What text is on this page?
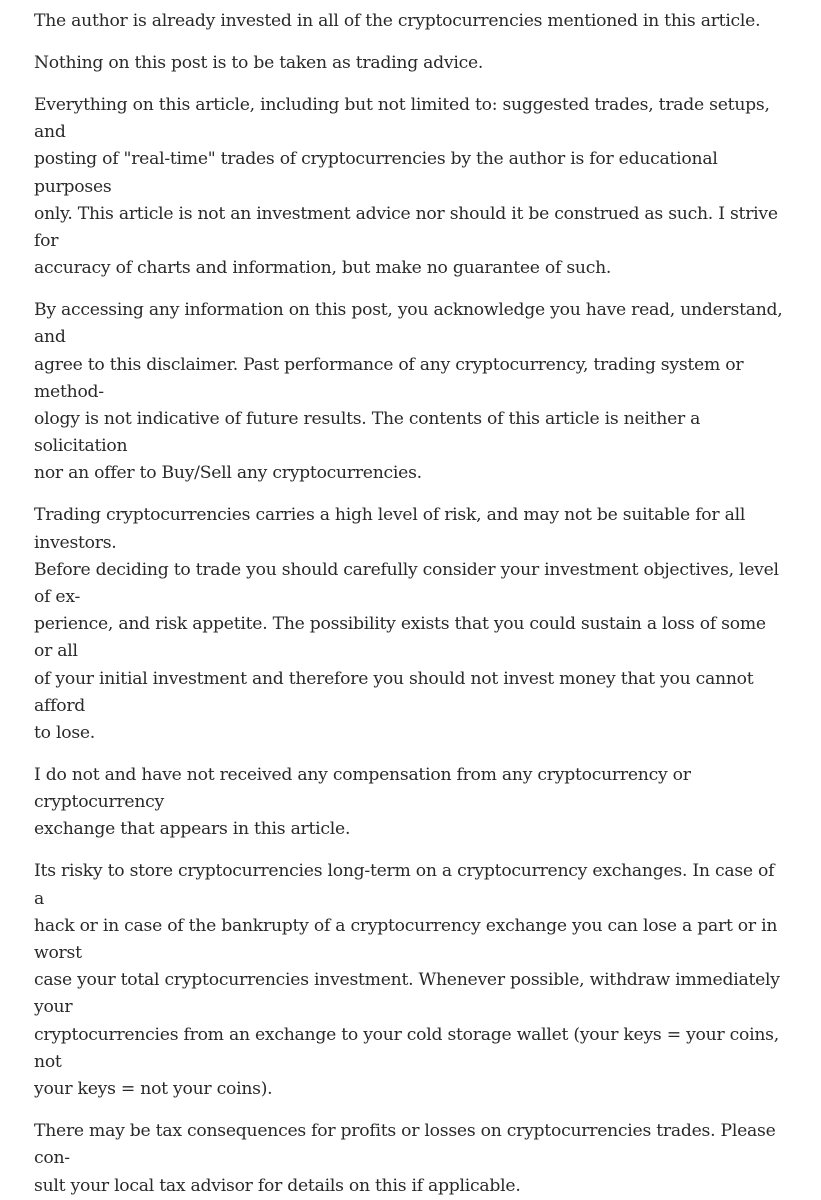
The author is already invested in all of the cryptocurrencies mentioned in this article.

Nothing on this post is to be taken as trading advice.

Everything on this article, including but not limited to: suggested trades, trade setups, and
posting of "real-time" trades of cryptocurrencies by the author is for educational purposes
only. This article is not an investment advice nor should it be construed as such. I strive for
accuracy of charts and information, but make no guarantee of such.

By accessing any information on this post, you acknowledge you have read, understand, and
agree to this disclaimer. Past performance of any cryptocurrency, trading system or method-
ology is not indicative of future results. The contents of this article is neither a solicitation
nor an offer to Buy/Sell any cryptocurrencies.

Trading cryptocurrencies carries a high level of risk, and may not be suitable for all investors.
Before deciding to trade you should carefully consider your investment objectives, level of ex-
perience, and risk appetite. The possibility exists that you could sustain a loss of some or all
of your initial investment and therefore you should not invest money that you cannot afford
to lose.

I do not and have not received any compensation from any cryptocurrency or cryptocurrency
exchange that appears in this article.

Its risky to store cryptocurrencies long-term on a cryptocurrency exchanges. In case of a
hack or in case of the bankrupty of a cryptocurrency exchange you can lose a part or in worst
case your total cryptocurrencies investment. Whenever possible, withdraw immediately your
cryptocurrencies from an exchange to your cold storage wallet (your keys = your coins, not
your keys = not your coins).

There may be tax consequences for profits or losses on cryptocurrencies trades. Please con-
sult your local tax advisor for details on this if applicable.
